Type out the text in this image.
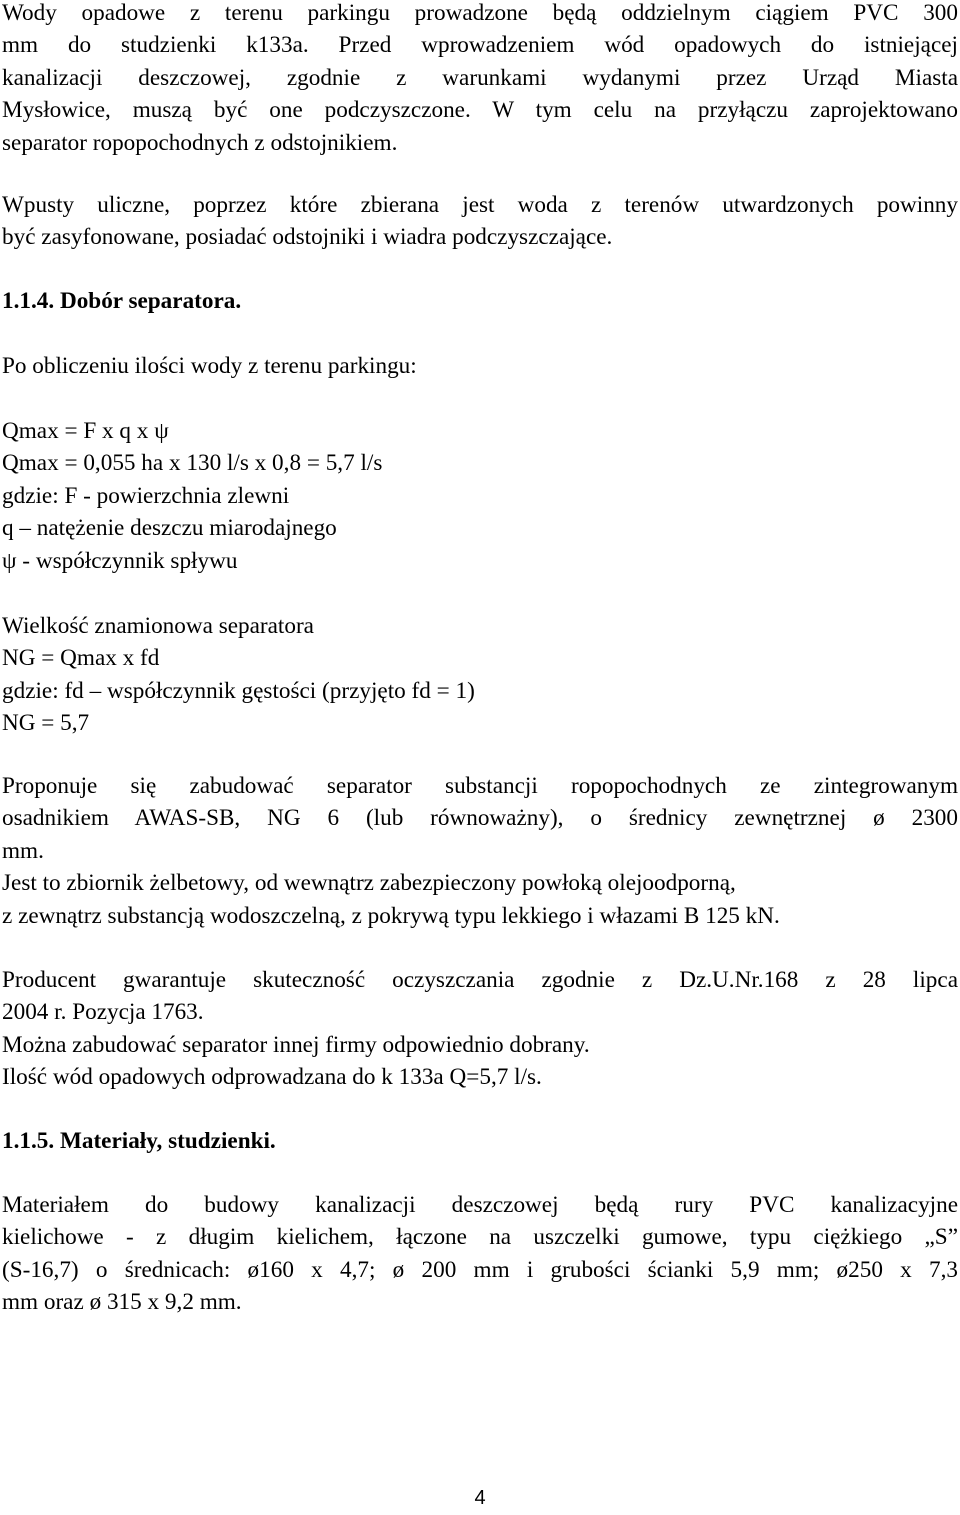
Wody opadowe z terenu parkingu prowadzone będą oddzielnym ciągiem PVC 300
mm do studzienki k133a. Przed wprowadzeniem wód opadowych do istniejącej
kanalizacji deszczowej, zgodnie z warunkami wydanymi przez Urząd Miasta
Mysłowice, muszą być one podczyszczone. W tym celu na przyłączu zaprojektowano
separator ropopochodnych z odstojnikiem.
Wpusty uliczne, poprzez które zbierana jest woda z terenów utwardzonych powinny
być zasyfonowane, posiadać odstojniki i wiadra podczyszczające.
1.1.4. Dobór separatora.
Po obliczeniu ilości wody z terenu parkingu:
Qmax = F x q x ψ
Qmax = 0,055 ha x 130 l/s x 0,8 = 5,7 l/s
gdzie: F - powierzchnia zlewni
q – natężenie deszczu miarodajnego
ψ - współczynnik spływu
Wielkość znamionowa separatora
NG = Qmax x fd
gdzie: fd – współczynnik gęstości (przyjęto fd = 1)
NG = 5,7
Proponuje się zabudować separator substancji ropopochodnych ze zintegrowanym
osadnikiem AWAS-SB, NG 6 (lub równoważny), o średnicy zewnętrznej ø 2300
mm.
Jest to zbiornik żelbetowy, od wewnątrz zabezpieczony powłoką olejoodporną,
z zewnątrz substancją wodoszczelną, z pokrywą typu lekkiego i włazami B 125 kN.
Producent gwarantuje skuteczność oczyszczania zgodnie z Dz.U.Nr.168 z 28 lipca
2004 r. Pozycja 1763.
Można zabudować separator innej firmy odpowiednio dobrany.
Ilość wód opadowych odprowadzana do k 133a Q=5,7 l/s.
1.1.5. Materiały, studzienki.
Materiałem do budowy kanalizacji deszczowej będą rury PVC kanalizacyjne
kielichowe - z długim kielichem, łączone na uszczelki gumowe, typu ciężkiego „S”
(S-16,7) o średnicach: ø160 x 4,7; ø 200 mm i grubości ścianki 5,9 mm; ø250 x 7,3
mm oraz ø 315 x 9,2 mm.
4
